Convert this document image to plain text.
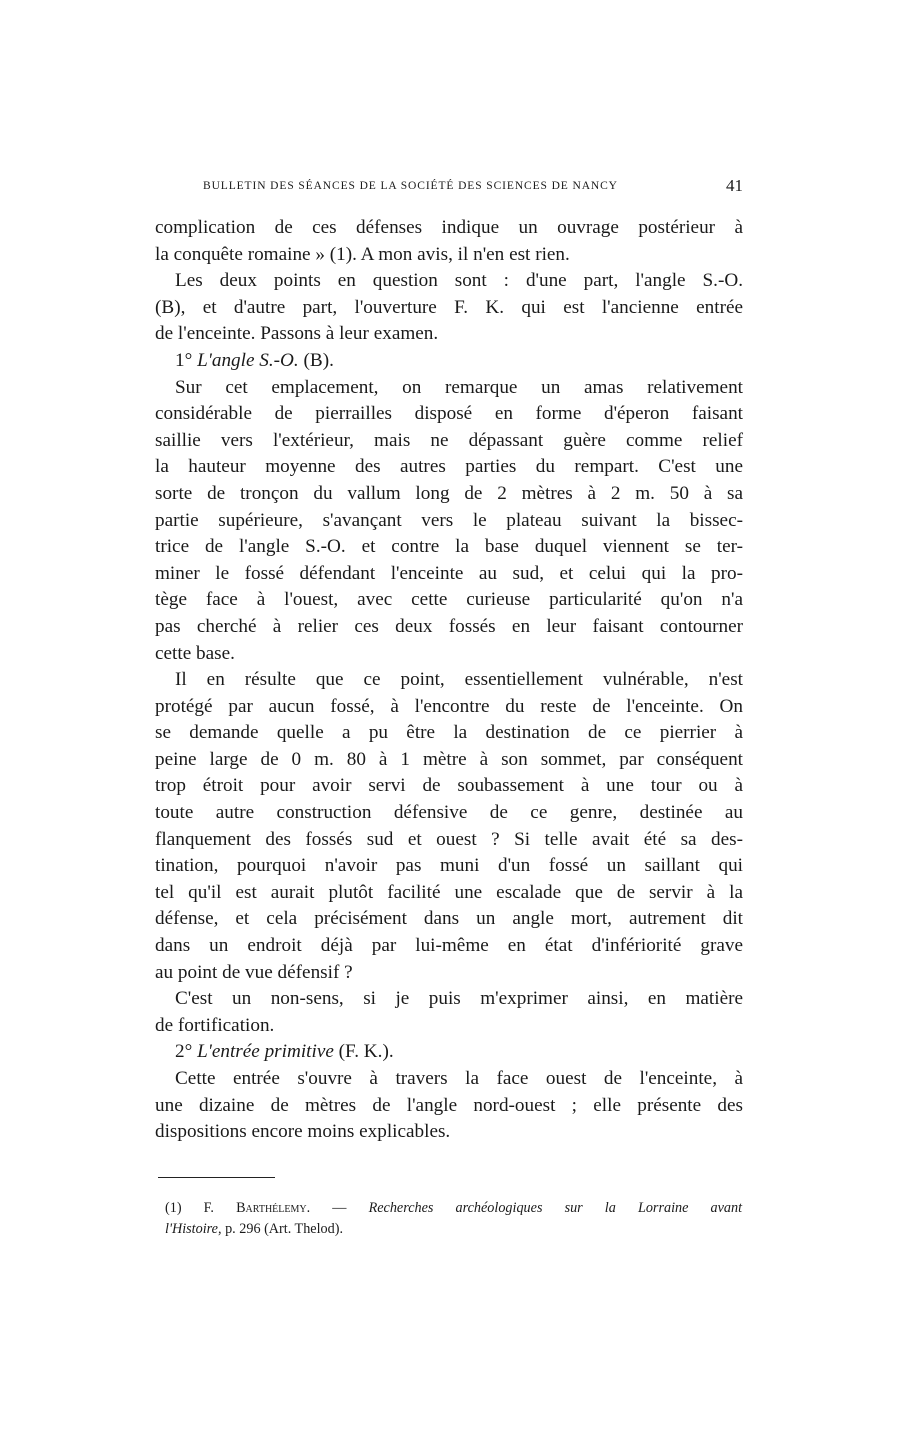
BULLETIN DES SÉANCES DE LA SOCIÉTÉ DES SCIENCES DE NANCY	41
complication de ces défenses indique un ouvrage postérieur à
la conquête romaine » (1). A mon avis, il n'en est rien.
Les deux points en question sont : d'une part, l'angle S.-O.
(B), et d'autre part, l'ouverture F. K. qui est l'ancienne entrée
de l'enceinte. Passons à leur examen.
1° L'angle S.-O. (B).
Sur cet emplacement, on remarque un amas relativement
considérable de pierrailles disposé en forme d'éperon faisant
saillie vers l'extérieur, mais ne dépassant guère comme relief
la hauteur moyenne des autres parties du rempart. C'est une
sorte de tronçon du vallum long de 2 mètres à 2 m. 50 à sa
partie supérieure, s'avançant vers le plateau suivant la bissec-
trice de l'angle S.-O. et contre la base duquel viennent se ter-
miner le fossé défendant l'enceinte au sud, et celui qui la pro-
tège face à l'ouest, avec cette curieuse particularité qu'on n'a
pas cherché à relier ces deux fossés en leur faisant contourner
cette base.
Il en résulte que ce point, essentiellement vulnérable, n'est
protégé par aucun fossé, à l'encontre du reste de l'enceinte. On
se demande quelle a pu être la destination de ce pierrier à
peine large de 0 m. 80 à 1 mètre à son sommet, par conséquent
trop étroit pour avoir servi de soubassement à une tour ou à
toute autre construction défensive de ce genre, destinée au
flanquement des fossés sud et ouest ? Si telle avait été sa des-
tination, pourquoi n'avoir pas muni d'un fossé un saillant qui
tel qu'il est aurait plutôt facilité une escalade que de servir à la
défense, et cela précisément dans un angle mort, autrement dit
dans un endroit déjà par lui-même en état d'infériorité grave
au point de vue défensif ?
C'est un non-sens, si je puis m'exprimer ainsi, en matière
de fortification.
2° L'entrée primitive (F. K.).
Cette entrée s'ouvre à travers la face ouest de l'enceinte, à
une dizaine de mètres de l'angle nord-ouest ; elle présente des
dispositions encore moins explicables.
(1) F. Barthélemy. — Recherches archéologiques sur la Lorraine avant
l'Histoire, p. 296 (Art. Thelod).
